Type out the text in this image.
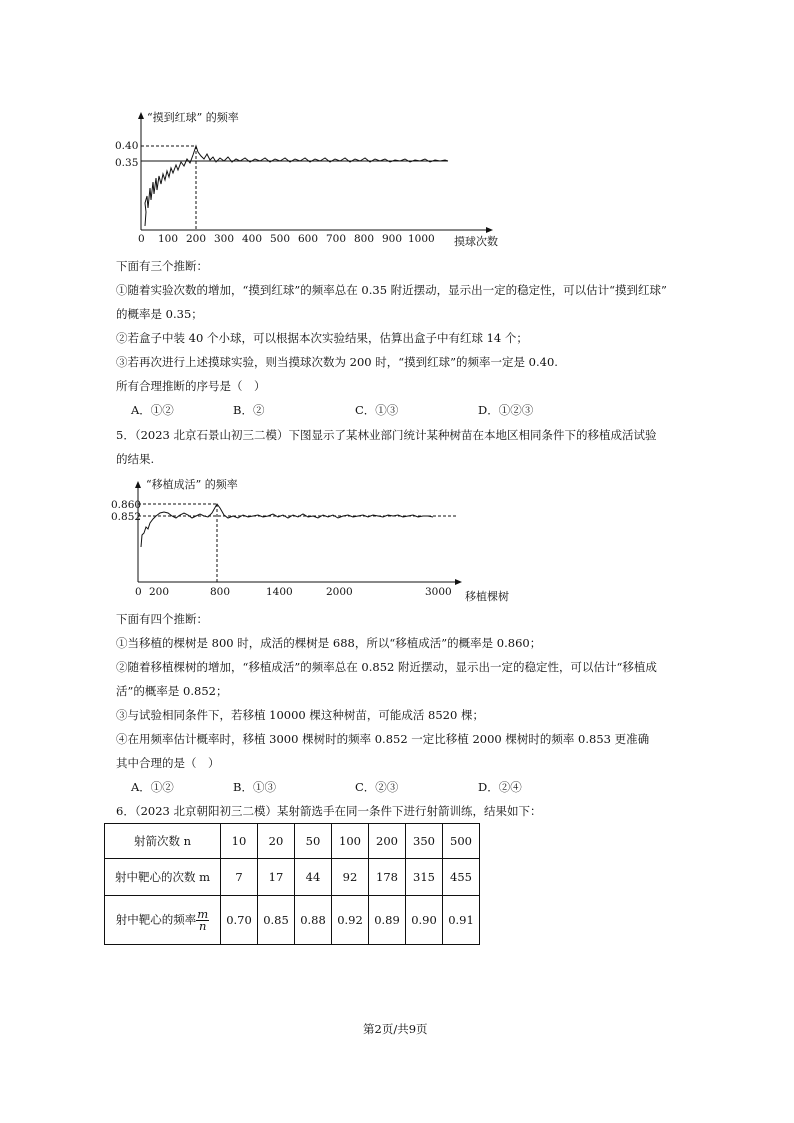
“摸到红球” 的频率
0.40
0.35
0 100 200 300 400 500 600 700 800 900 1000 摸球次数
下面有三个推断：
①随着实验次数的增加，“摸到红球”的频率总在 0.35 附近摆动，显示出一定的稳定性，可以估计“摸到红球”
的概率是 0.35；
②若盒子中装 40 个小球，可以根据本次实验结果，估算出盒子中有红球 14 个；
③若再次进行上述摸球实验，则当摸球次数为 200 时，“摸到红球”的频率一定是 0.40.
所有合理推断的序号是（　）
A．①②	B．②	C．①③	D．①②③
5．（2023 北京石景山初三二模）下图显示了某林业部门统计某种树苗在本地区相同条件下的移植成活试验
的结果.
“移植成活” 的频率
0.860
0.852
0 200	800	1400	2000	3000 移植棵树
下面有四个推断：
①当移植的棵树是 800 时，成活的棵树是 688，所以“移植成活”的概率是 0.860；
②随着移植棵树的增加，“移植成活”的频率总在 0.852 附近摆动，显示出一定的稳定性，可以估计“移植成
活”的概率是 0.852；
③与试验相同条件下，若移植 10000 棵这种树苗，可能成活 8520 棵；
④在用频率估计概率时，移植 3000 棵树时的频率 0.852 一定比移植 2000 棵树时的频率 0.853 更准确
其中合理的是（　）
A．①②	B．①③	C．②③	D．②④
6．（2023 北京朝阳初三二模）某射箭选手在同一条件下进行射箭训练，结果如下：
射箭次数 n	10	20	50	100	200	350	500
射中靶心的次数 m	7	17	44	92	178	315	455
射中靶心的频率 $\frac{m}{n}$	0.70	0.85	0.88	0.92	0.89	0.90	0.91
第2页/共9页
